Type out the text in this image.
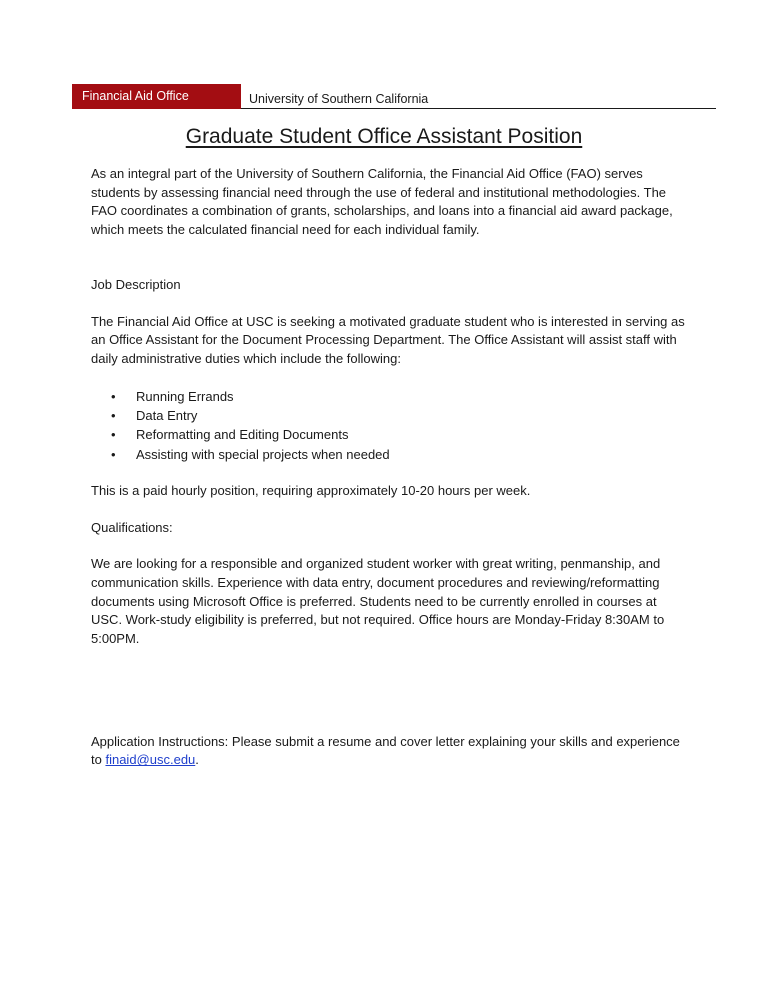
Financial Aid Office	University of Southern California
Graduate Student Office Assistant Position

As an integral part of the University of Southern California, the Financial Aid Office (FAO) serves students by assessing financial need through the use of federal and institutional methodologies. The FAO coordinates a combination of grants, scholarships, and loans into a financial aid award package, which meets the calculated financial need for each individual family.

Job Description

The Financial Aid Office at USC is seeking a motivated graduate student who is interested in serving as an Office Assistant for the Document Processing Department. The Office Assistant will assist staff with daily administrative duties which include the following:

• Running Errands
• Data Entry
• Reformatting and Editing Documents
• Assisting with special projects when needed

This is a paid hourly position, requiring approximately 10-20 hours per week.

Qualifications:

We are looking for a responsible and organized student worker with great writing, penmanship, and communication skills. Experience with data entry, document procedures and reviewing/reformatting documents using Microsoft Office is preferred. Students need to be currently enrolled in courses at USC. Work-study eligibility is preferred, but not required. Office hours are Monday-Friday 8:30AM to 5:00PM.

Application Instructions: Please submit a resume and cover letter explaining your skills and experience to finaid@usc.edu.
